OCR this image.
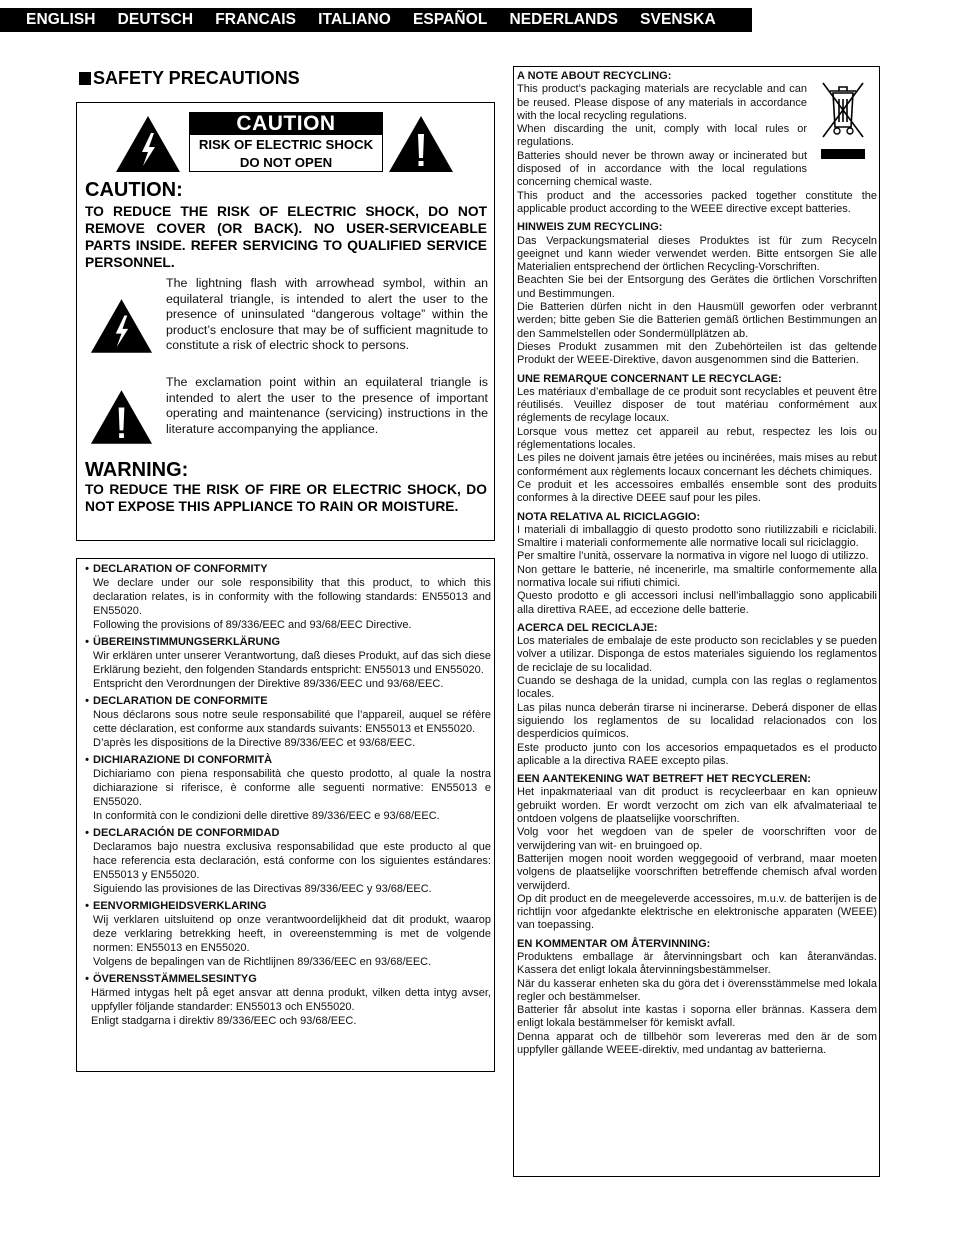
ENGLISH DEUTSCH FRANCAIS ITALIANO ESPAÑOL NEDERLANDS SVENSKA
SAFETY PRECAUTIONS
CAUTION
RISK OF ELECTRIC SHOCK
DO NOT OPEN
CAUTION:
TO REDUCE THE RISK OF ELECTRIC SHOCK, DO NOT REMOVE COVER (OR BACK). NO USER-SERVICEABLE PARTS INSIDE. REFER SERVICING TO QUALIFIED SERVICE PERSONNEL.
The lightning flash with arrowhead symbol, within an equilateral triangle, is intended to alert the user to the presence of uninsulated “dangerous voltage” within the product’s enclosure that may be of sufficient magnitude to constitute a risk of electric shock to persons.
The exclamation point within an equilateral triangle is intended to alert the user to the presence of important operating and maintenance (servicing) instructions in the literature accompanying the appliance.
WARNING:
TO REDUCE THE RISK OF FIRE OR ELECTRIC SHOCK, DO NOT EXPOSE THIS APPLIANCE TO RAIN OR MOISTURE.
• DECLARATION OF CONFORMITY

We declare under our sole responsibility that this product, to which this declaration relates, is in conformity with the following standards: EN55013 and EN55020.

Following the provisions of 89/336/EEC and 93/68/EEC Directive.

• ÜBEREINSTIMMUNGSERKLÄRUNG

Wir erklären unter unserer Verantwortung, daß dieses Produkt, auf das sich diese Erklärung bezieht, den folgenden Standards entspricht: EN55013 und EN55020.

Entspricht den Verordnungen der Direktive 89/336/EEC und 93/68/EEC.

• DECLARATION DE CONFORMITE

Nous déclarons sous notre seule responsabilité que l’appareil, auquel se réfère cette déclaration, est conforme aux standards suivants: EN55013 et EN55020.

D’après les dispositions de la Directive 89/336/EEC et 93/68/EEC.

• DICHIARAZIONE DI CONFORMITÀ

Dichiariamo con piena responsabilità che questo prodotto, al quale la nostra dichiarazione si riferisce, è conforme alle seguenti normative: EN55013 e EN55020.

In conformità con le condizioni delle direttive 89/336/EEC e 93/68/EEC.

• DECLARACIÓN DE CONFORMIDAD

Declaramos bajo nuestra exclusiva responsabilidad que este producto al que hace referencia esta declaración, está conforme con los siguientes estándares: EN55013 y EN55020.

Siguiendo las provisiones de las Directivas 89/336/EEC y 93/68/EEC.

• EENVORMIGHEIDSVERKLARING

Wij verklaren uitsluitend op onze verantwoordelijkheid dat dit produkt, waarop deze verklaring betrekking heeft, in overeenstemming is met de volgende normen: EN55013 en EN55020.

Volgens de bepalingen van de Richtlijnen 89/336/EEC en 93/68/EEC.

• ÖVERENSSTÄMMELSESINTYG

Härmed intygas helt på eget ansvar att denna produkt, vilken detta intyg avser, uppfyller följande standarder: EN55013 och EN55020.

Enligt stadgarna i direktiv 89/336/EEC och 93/68/EEC.

A NOTE ABOUT RECYCLING:

This product’s packaging materials are recyclable and can be reused. Please dispose of any materials in accordance with the local recycling regulations.

When discarding the unit, comply with local rules or regulations.

Batteries should never be thrown away or incinerated but disposed of in accordance with the local regulations concerning chemical waste.

This product and the accessories packed together constitute the applicable product according to the WEEE directive except batteries.

HINWEIS ZUM RECYCLING:

Das Verpackungsmaterial dieses Produktes ist für zum Recyceln geeignet und kann wieder verwendet werden. Bitte entsorgen Sie alle Materialien entsprechend der örtlichen Recycling-Vorschriften.

Beachten Sie bei der Entsorgung des Gerätes die örtlichen Vorschriften und Bestimmungen.

Die Batterien dürfen nicht in den Hausmüll geworfen oder verbrannt werden; bitte geben Sie die Batterien gemäß örtlichen Bestimmungen an den Sammelstellen oder Sondermüllplätzen ab.

Dieses Produkt zusammen mit den Zubehörteilen ist das geltende Produkt der WEEE-Direktive, davon ausgenommen sind die Batterien.

UNE REMARQUE CONCERNANT LE RECYCLAGE:

Les matériaux d’emballage de ce produit sont recyclables et peuvent être réutilisés. Veuillez disposer de tout matériau conformément aux réglements de recylage locaux.

Lorsque vous mettez cet appareil au rebut, respectez les lois ou réglementations locales.

Les piles ne doivent jamais être jetées ou incinérées, mais mises au rebut conformément aux règlements locaux concernant les déchets chimiques.

Ce produit et les accessoires emballés ensemble sont des produits conformes à la directive DEEE sauf pour les piles.

NOTA RELATIVA AL RICICLAGGIO:

I materiali di imballaggio di questo prodotto sono riutilizzabili e riciclabili. Smaltire i materiali conformemente alle normative locali sul riciclaggio.

Per smaltire l’unità, osservare la normativa in vigore nel luogo di utilizzo.

Non gettare le batterie, né incenerirle, ma smaltirle conformemente alla normativa locale sui rifiuti chimici.

Questo prodotto e gli accessori inclusi nell’imballaggio sono applicabili alla direttiva RAEE, ad eccezione delle batterie.

ACERCA DEL RECICLAJE:

Los materiales de embalaje de este producto son reciclables y se pueden volver a utilizar. Disponga de estos materiales siguiendo los reglamentos de reciclaje de su localidad.

Cuando se deshaga de la unidad, cumpla con las reglas o reglamentos locales.

Las pilas nunca deberán tirarse ni incinerarse. Deberá disponer de ellas siguiendo los reglamentos de su localidad relacionados con los desperdicios químicos.

Este producto junto con los accesorios empaquetados es el producto aplicable a la directiva RAEE excepto pilas.

EEN AANTEKENING WAT BETREFT HET RECYCLEREN:

Het inpakmateriaal van dit product is recycleerbaar en kan opnieuw gebruikt worden. Er wordt verzocht om zich van elk afvalmateriaal te ontdoen volgens de plaatselijke voorschriften.

Volg voor het wegdoen van de speler de voorschriften voor de verwijdering van wit- en bruingoed op.

Batterijen mogen nooit worden weggegooid of verbrand, maar moeten volgens de plaatselijke voorschriften betreffende chemisch afval worden verwijderd.

Op dit product en de meegeleverde accessoires, m.u.v. de batterijen is de richtlijn voor afgedankte elektrische en elektronische apparaten (WEEE) van toepassing.

EN KOMMENTAR OM ÅTERVINNING:

Produktens emballage är återvinningsbart och kan återanvändas. Kassera det enligt lokala återvinningsbestämmelser.

När du kasserar enheten ska du göra det i överensstämmelse med lokala regler och bestämmelser.

Batterier får absolut inte kastas i soporna eller brännas. Kassera dem enligt lokala bestämmelser för kemiskt avfall.

Denna apparat och de tillbehör som levereras med den är de som uppfyller gällande WEEE-direktiv, med undantag av batterierna.
